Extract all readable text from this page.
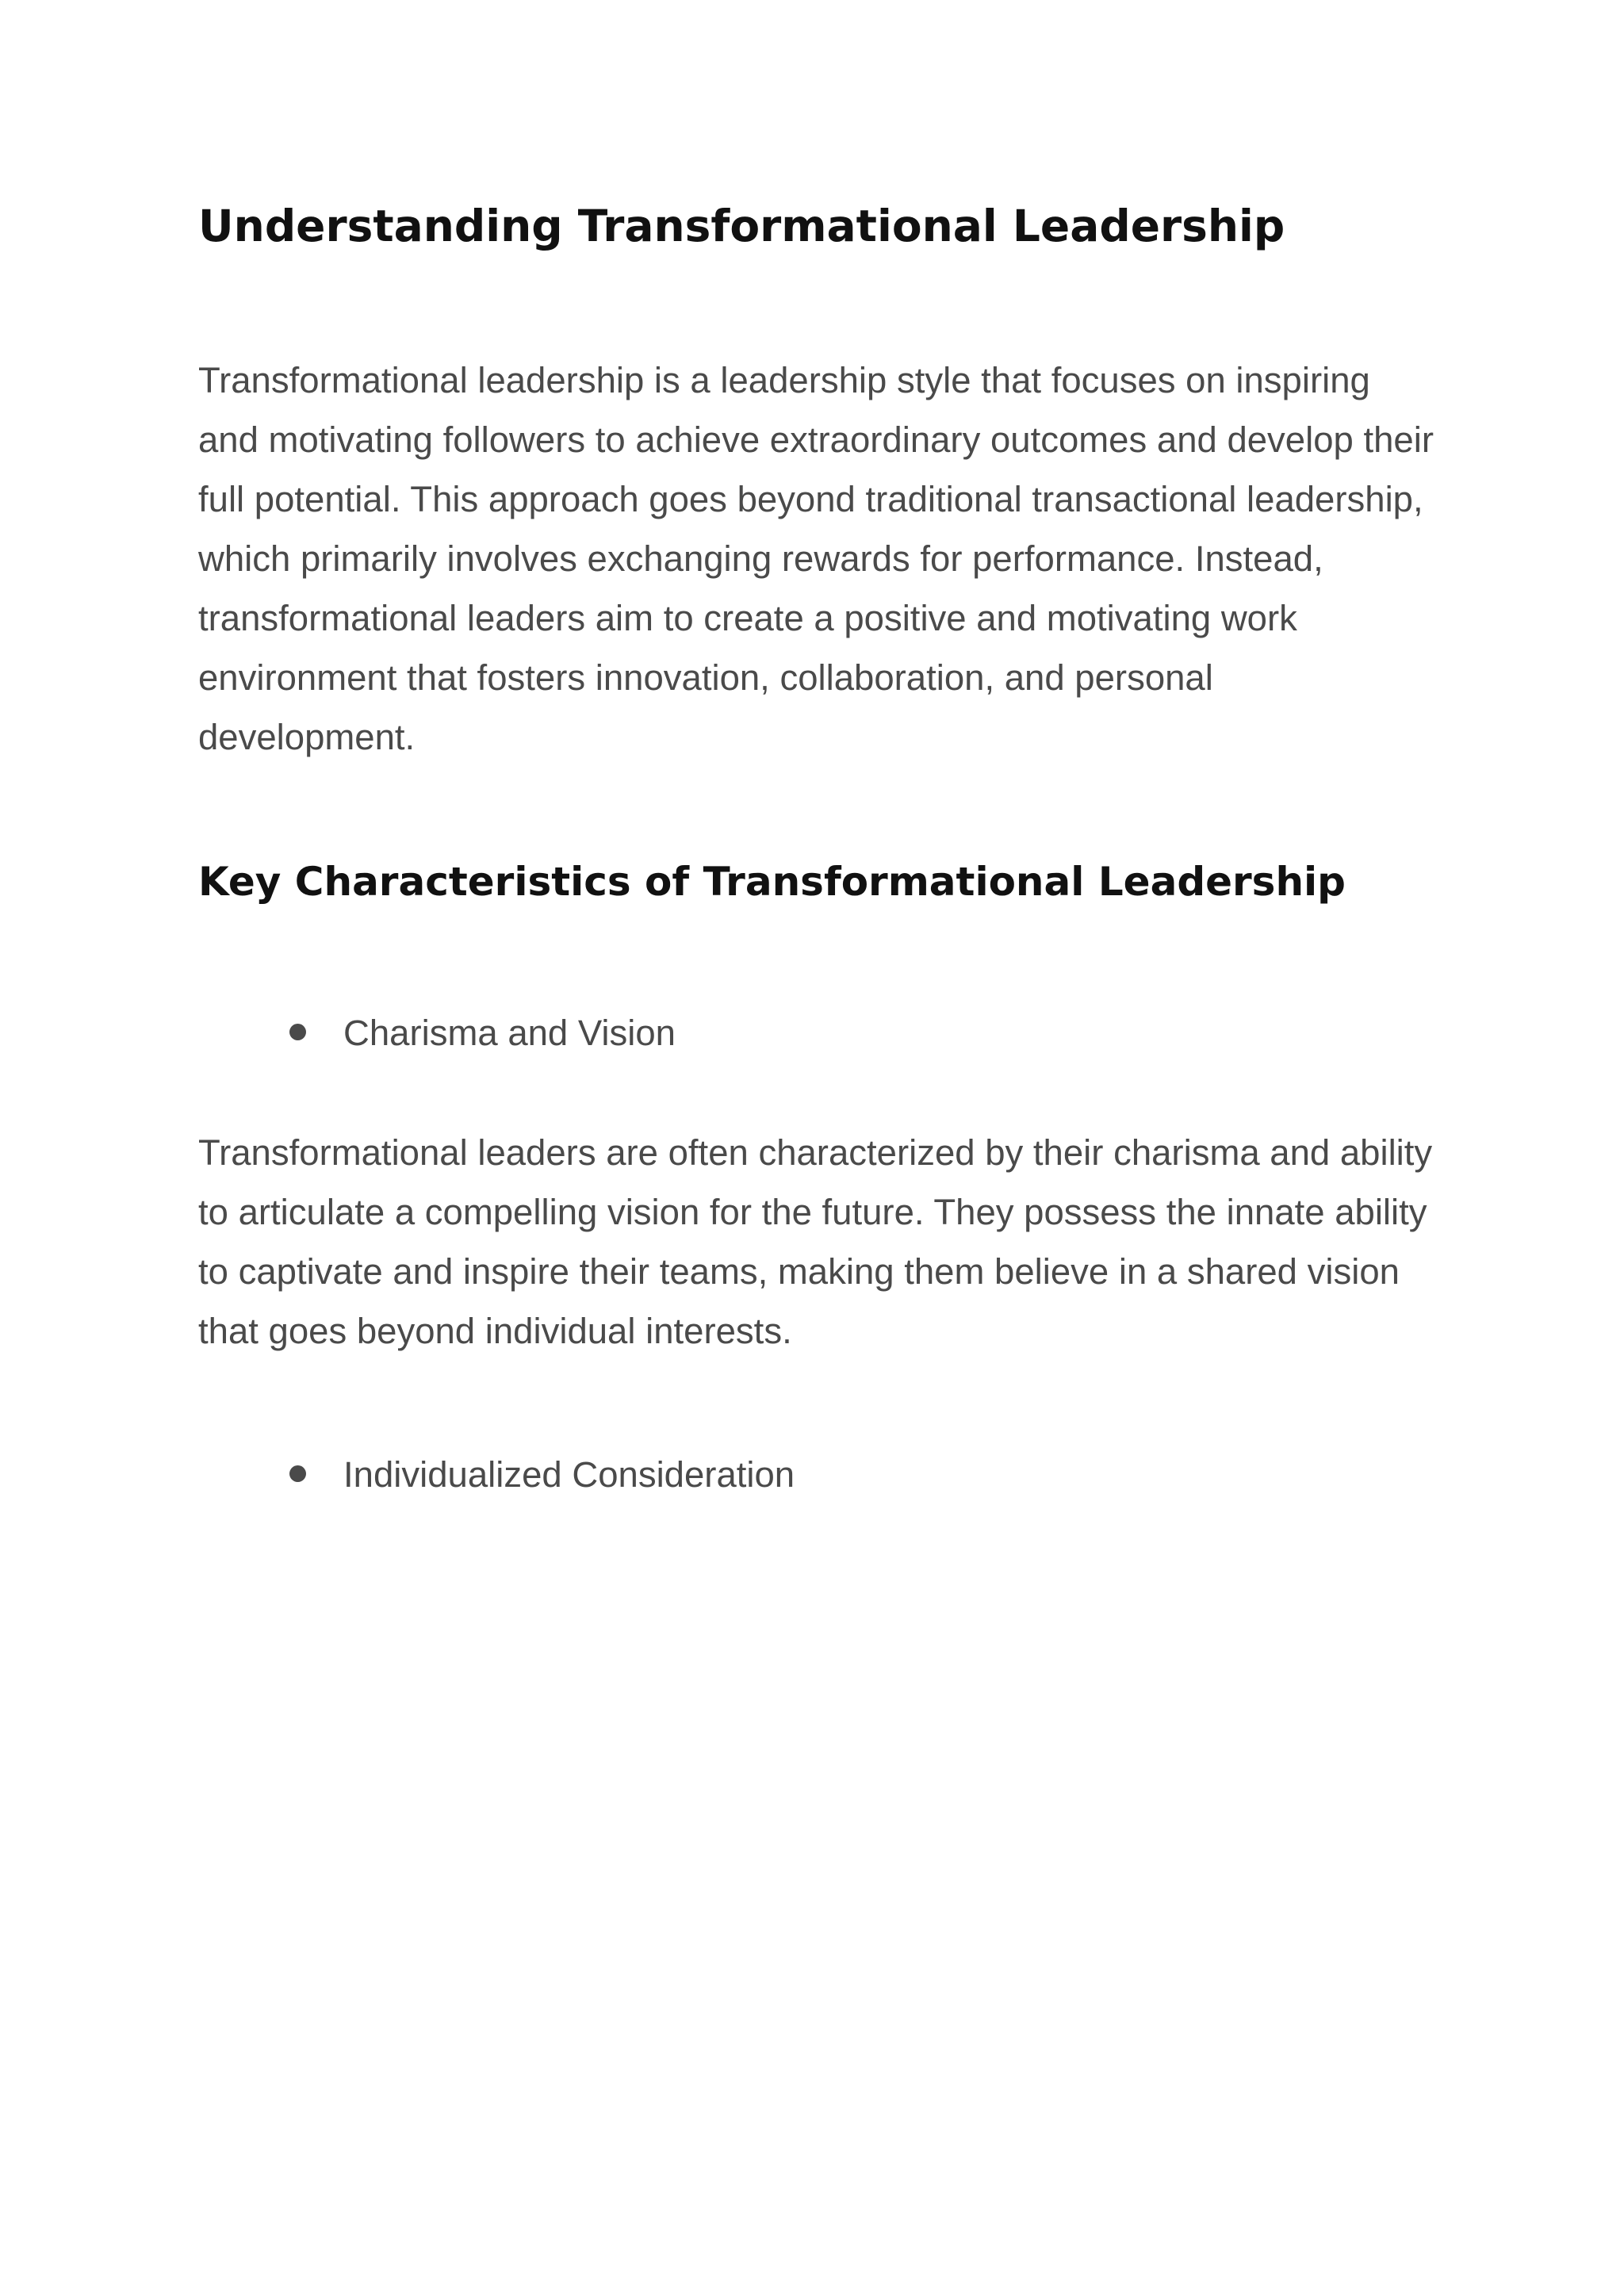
Understanding Transformational Leadership

Transformational leadership is a leadership style that focuses on inspiring and motivating followers to achieve extraordinary outcomes and develop their full potential. This approach goes beyond traditional transactional leadership, which primarily involves exchanging rewards for performance. Instead, transformational leaders aim to create a positive and motivating work environment that fosters innovation, collaboration, and personal development.

Key Characteristics of Transformational Leadership
Charisma and Vision

Transformational leaders are often characterized by their charisma and ability to articulate a compelling vision for the future. They possess the innate ability to captivate and inspire their teams, making them believe in a shared vision that goes beyond individual interests.

Individualized Consideration
